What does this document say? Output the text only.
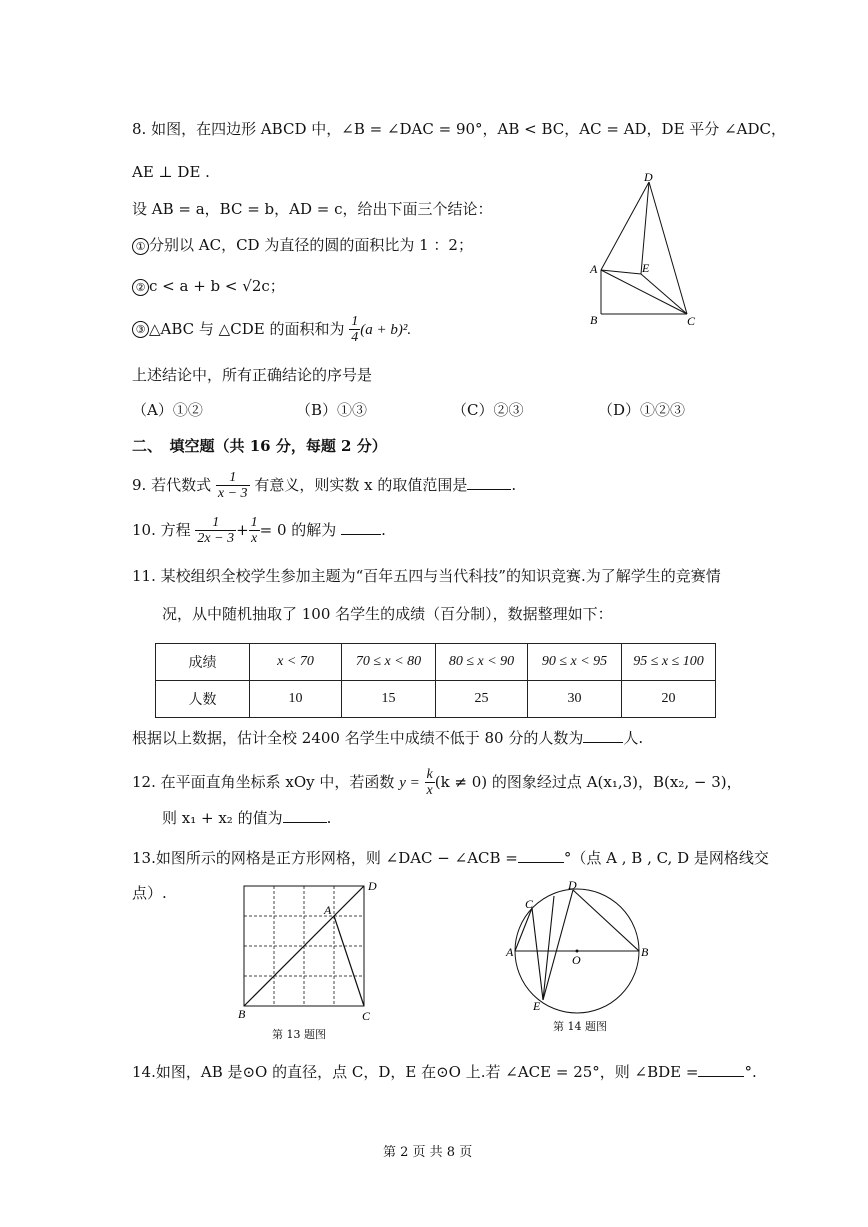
8. 如图，在四边形 ABCD 中，∠B = ∠DAC = 90°，AB < BC，AC = AD，DE 平分 ∠ADC，
AE ⊥ DE .
设 AB = a，BC = b，AD = c，给出下面三个结论：
① 分别以 AC，CD 为直径的圆的面积比为 1 ：2；
② c < a + b < √2c；
③ △ABC 与 △CDE 的面积和为 $\frac{1}{4} (a + b)^2$.
上述结论中，所有正确结论的序号是
（A）①②	（B）①③	（C）②③	（D）①②③
D
A	E
B	C
二、　填空题（共 16 分，每题 2 分）
9. 若代数式 $\frac{1}{x - 3}$ 有意义，则实数 x 的取值范围是	.
10. 方程 $\frac{1}{2x - 3} + \frac{1}{x} = 0$ 的解为	.
11. 某校组织全校学生参加主题为“百年五四与当代科技”的知识竞赛.为了解学生的竞赛情
况，从中随机抽取了 100 名学生的成绩（百分制），数据整理如下：
成绩	x < 70	70 ≤ x < 80	80 ≤ x < 90	90 ≤ x < 95	95 ≤ x ≤ 100
人数	10	15	25	30	20
根据以上数据，估计全校 2400 名学生中成绩不低于 80 分的人数为	人.
12. 在平面直角坐标系 xOy 中，若函数 $y = \frac{k}{x} (k \ne 0)$ 的图象经过点 A(x₁,3)，B(x₂, − 3)，
则 x₁ + x₂ 的值为	.
13.如图所示的网格是正方形网格，则 ∠DAC − ∠ACB =	°（点 A , B , C, D 是网格线交
点）.	D
A
B	C
第 13 题图
A	B
C
D
E
O
第 14 题图
14.如图，AB 是⊙O 的直径，点 C，D，E 在⊙O 上.若 ∠ACE = 25°，则 ∠BDE =	°.
第 2 页 共 8 页
